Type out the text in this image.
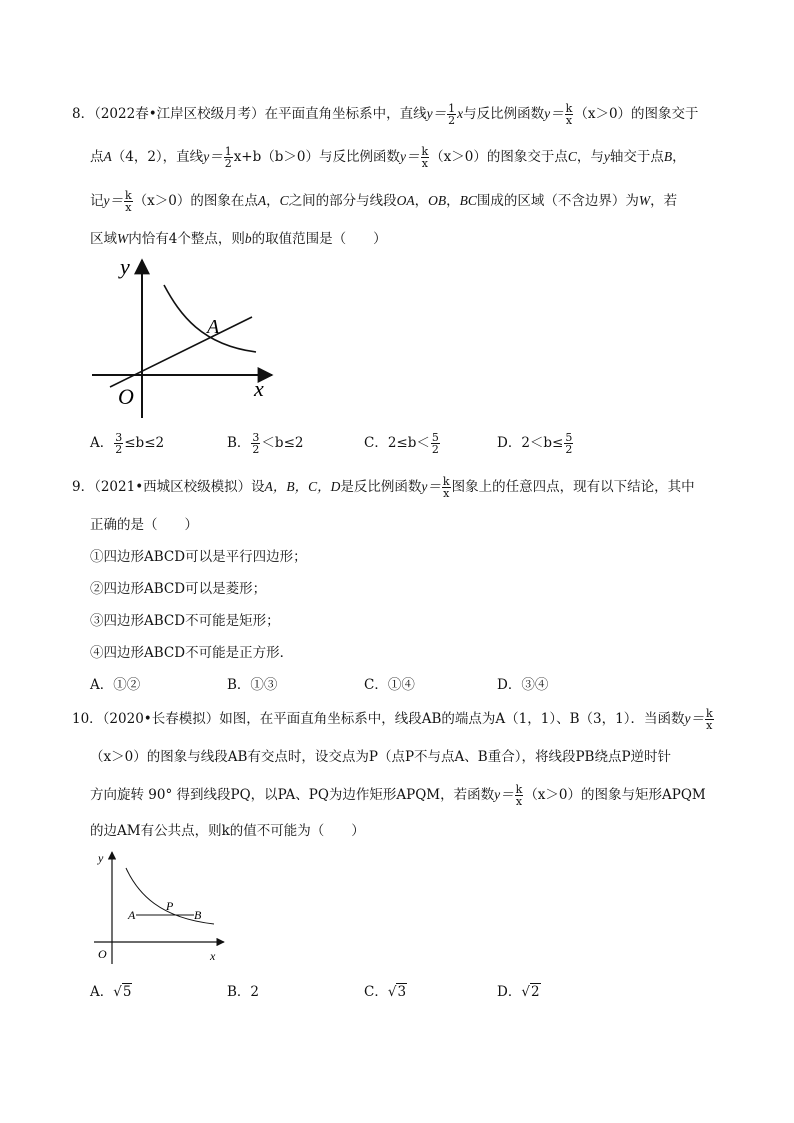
8．（2022春•江岸区校级月考）在平面直角坐标系中，直线$y= \frac{1}{2}$ x与反比例函数$y= \frac{k}{x} (x>0)$的图象交于
点A（4，2），直线$y= \frac{1}{2} x+b(b>0)$与反比例函数$y= \frac{k}{x} (x>0)$的图象交于点C，与y轴交于点B，
记$y= \frac{k}{x} (x>0)$的图象在点A，C之间的部分与线段OA，OB，BC围成的区域（不含边界）为W，若
区域W内恰有4个整点，则b的取值范围是（　　）
y
x
O
A
A． $\frac{3}{2} \le b\le 2$	B． $\frac{3}{2} <b\le 2$	C．$2\le b< \frac{5}{2}$	D．$2<b\le \frac{5}{2}$
9．（2021•西城区校级模拟）设A，B，C，D是反比例函数$y= \frac{k}{x}$ 图象上的任意四点，现有以下结论，其中
正确的是（　　）
①四边形ABCD可以是平行四边形；
②四边形ABCD可以是菱形；
③四边形ABCD不可能是矩形；
④四边形ABCD不可能是正方形．
A．①②	B．①③	C．①④	D．③④
10．（2020•长春模拟）如图，在平面直角坐标系中，线段AB的端点为A（1，1）、B（3，1）．当函数$y= \frac{k}{x}$
（x＞0）的图象与线段AB有交点时，设交点为P（点P不与点A、B重合），将线段PB绕点P逆时针
方向旋转 90° 得到线段PQ，以PA、PQ为边作矩形APQM，若函数$y= \frac{k}{x} (x>0)$的图象与矩形APQM
的边AM有公共点，则k的值不可能为（　　）
y
x
O
A
P
B
A．√5	B．2	C．√3	D．√2
